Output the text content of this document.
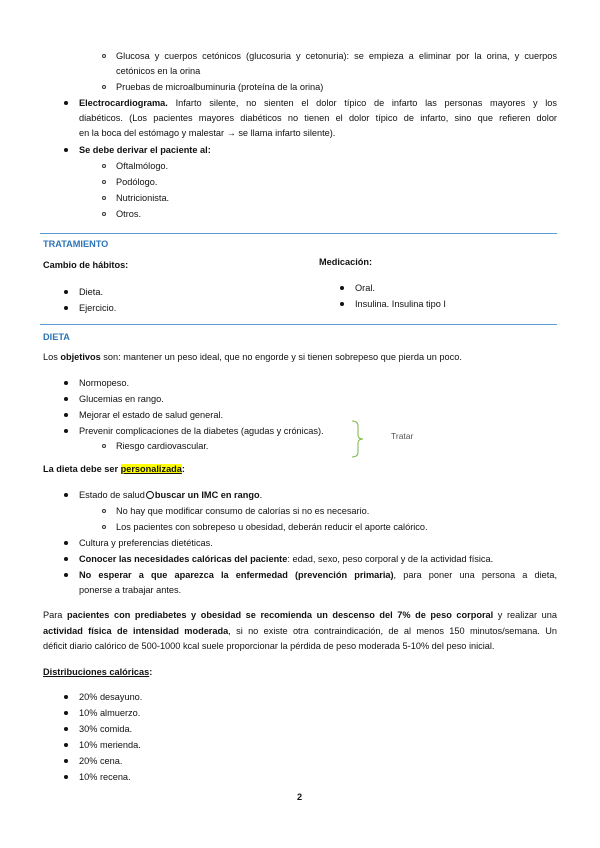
Glucosa y cuerpos cetónicos (glucosuria y cetonuria): se empieza a eliminar por la orina, y cuerpos
cetónicos en la orina
Pruebas de microalbuminuria (proteína de la orina)
Electrocardiograma. Infarto silente, no sienten el dolor típico de infarto las personas mayores y los
diabéticos. (Los pacientes mayores diabéticos no tienen el dolor típico de infarto, sino que refieren dolor
en la boca del estómago y malestar → se llama infarto silente).
Se debe derivar el paciente al:
Oftalmólogo.
Podólogo.
Nutricionista.
Otros.
TRATAMIENTO
Cambio de hábitos:
Dieta.
Ejercicio.
Medicación:
Oral.
Insulina. Insulina tipo I
DIETA
Los objetivos son: mantener un peso ideal, que no engorde y si tienen sobrepeso que pierda un poco.
Normopeso.
Glucemias en rango.
Mejorar el estado de salud general.
Prevenir complicaciones de la diabetes (agudas y crónicas).
Riesgo cardiovascular.
Tratar
La dieta debe ser personalizada:
Estado de salud buscar un IMC en rango.
No hay que modificar consumo de calorías si no es necesario.
Los pacientes con sobrepeso u obesidad, deberán reducir el aporte calórico.
Cultura y preferencias dietéticas.
Conocer las necesidades calóricas del paciente: edad, sexo, peso corporal y de la actividad física.
No esperar a que aparezca la enfermedad (prevención primaria), para poner una persona a dieta,
ponerse a trabajar antes.
Para pacientes con prediabetes y obesidad se recomienda un descenso del 7% de peso corporal y realizar una
actividad física de intensidad moderada, si no existe otra contraindicación, de al menos 150 minutos/semana. Un
déficit diario calórico de 500-1000 kcal suele proporcionar la pérdida de peso moderada 5-10% del peso inicial.
Distribuciones calóricas:
20% desayuno.
10% almuerzo.
30% comida.
10% merienda.
20% cena.
10% recena.
2
